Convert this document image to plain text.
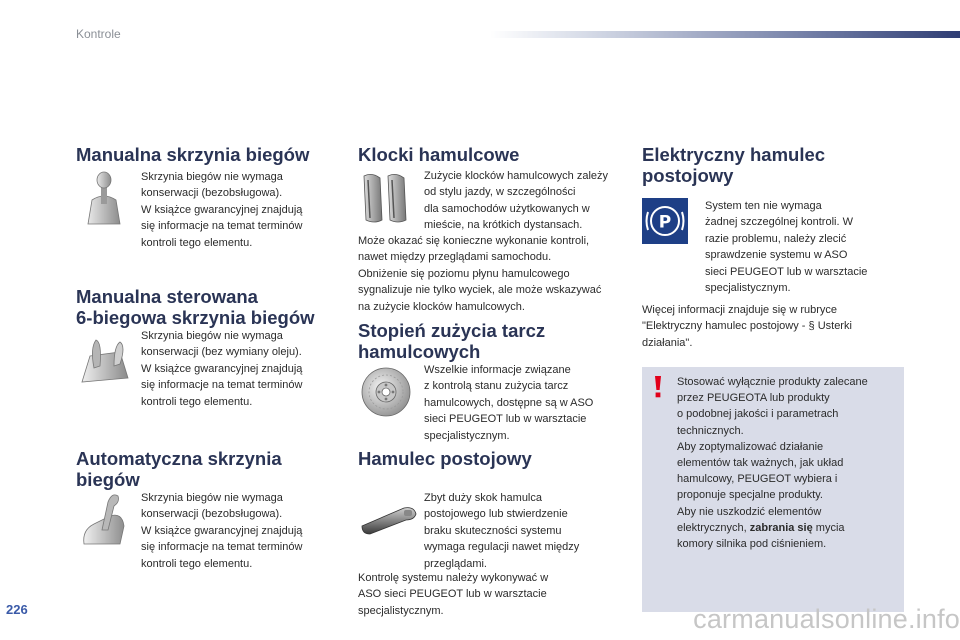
Kontrole
Manualna skrzynia biegów
Skrzynia biegów nie wymaga
konserwacji (bezobsługowa).
W książce gwarancyjnej znajdują
się informacje na temat terminów
kontroli tego elementu.
Manualna sterowana
6-biegowa skrzynia biegów
Skrzynia biegów nie wymaga
konserwacji (bez wymiany oleju).
W książce gwarancyjnej znajdują
się informacje na temat terminów
kontroli tego elementu.
Automatyczna skrzynia
biegów
Skrzynia biegów nie wymaga
konserwacji (bezobsługowa).
W książce gwarancyjnej znajdują
się informacje na temat terminów
kontroli tego elementu.
Klocki hamulcowe
Zużycie klocków hamulcowych zależy
od stylu jazdy, w szczególności
dla samochodów użytkowanych w
mieście, na krótkich dystansach.
Może okazać się konieczne wykonanie kontroli,
nawet między przeglądami samochodu.
Obniżenie się poziomu płynu hamulcowego
sygnalizuje nie tylko wyciek, ale może wskazywać
na zużycie klocków hamulcowych.
Stopień zużycia tarcz
hamulcowych
Wszelkie informacje związane
z kontrolą stanu zużycia tarcz
hamulcowych, dostępne są w ASO
sieci PEUGEOT lub w warsztacie
specjalistycznym.
Hamulec postojowy
Zbyt duży skok hamulca
postojowego lub stwierdzenie
braku skuteczności systemu
wymaga regulacji nawet między
przeglądami.
Kontrolę systemu należy wykonywać w
ASO sieci PEUGEOT lub w warsztacie
specjalistycznym.
Elektryczny hamulec
postojowy
P
System ten nie wymaga
żadnej szczególnej kontroli. W
razie problemu, należy zlecić
sprawdzenie systemu w ASO
sieci PEUGEOT lub w warsztacie
specjalistycznym.
Więcej informacji znajduje się w rubryce
"Elektryczny hamulec postojowy - § Usterki
działania".
Stosować wyłącznie produkty zalecane
przez PEUGEOTA lub produkty
o podobnej jakości i parametrach
technicznych.
Aby zoptymalizować działanie
elementów tak ważnych, jak układ
hamulcowy, PEUGEOT wybiera i
proponuje specjalne produkty.
Aby nie uszkodzić elementów
elektrycznych, zabrania się mycia
komory silnika pod ciśnieniem.
226	carmanualsonline.info
